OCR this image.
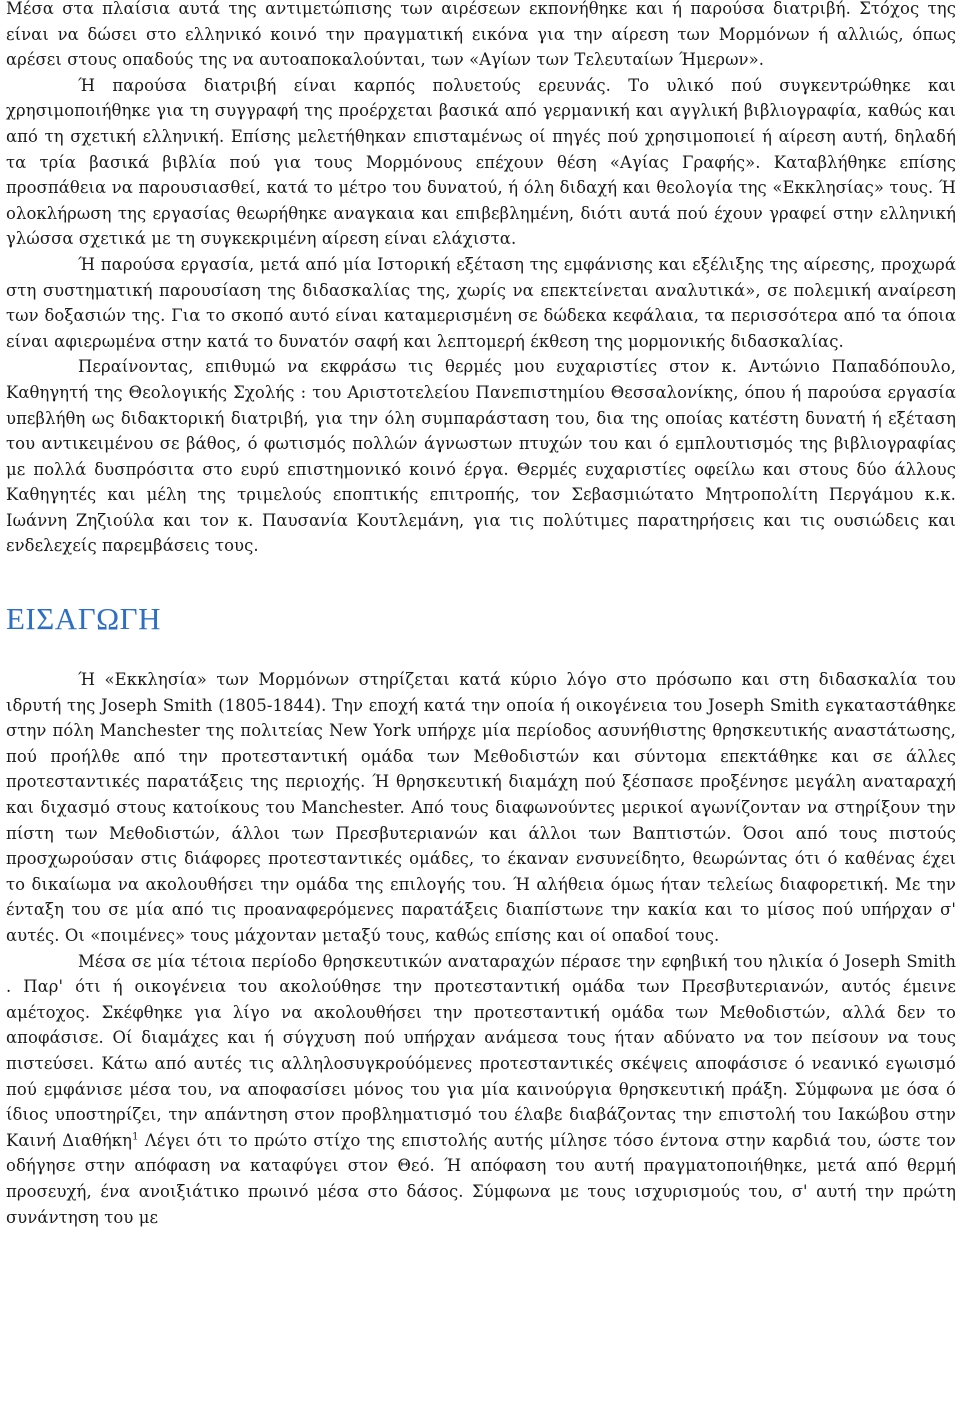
Μέσα στα πλαίσια αυτά της αντιμετώπισης των αιρέσεων εκπονήθηκε και ή παρούσα διατριβή. Στόχος της είναι να δώσει στο ελληνικό κοινό την πραγματική εικόνα για την αίρεση των Μορμόνων ή αλλιώς, όπως αρέσει στους οπαδούς της να αυτοαποκαλούνται, των «Αγίων των Τελευταίων Ήμερων».

Ή παρούσα διατριβή είναι καρπός πολυετούς ερευνάς. Το υλικό πού συγκεντρώθηκε και χρησιμοποιήθηκε για τη συγγραφή της προέρχεται βασικά από γερμανική και αγγλική βιβλιογραφία, καθώς και από τη σχετική ελληνική. Επίσης μελετήθηκαν επισταμένως οί πηγές πού χρησιμοποιεί ή αίρεση αυτή, δηλαδή τα τρία βασικά βιβλία πού για τους Μορμόνους επέχουν θέση «Αγίας Γραφής». Καταβλήθηκε επίσης προσπάθεια να παρουσιασθεί, κατά το μέτρο του δυνατού, ή όλη διδαχή και θεολογία της «Εκκλησίας» τους. Ή ολοκλήρωση της εργασίας θεωρήθηκε αναγκαια και επιβεβλημένη, διότι αυτά πού έχουν γραφεί στην ελληνική γλώσσα σχετικά με τη συγκεκριμένη αίρεση είναι ελάχιστα.

Ή παρούσα εργασία, μετά από μία Ιστορική εξέταση της εμφάνισης και εξέλιξης της αίρεσης, προχωρά στη συστηματική παρουσίαση της διδασκαλίας της, χωρίς να επεκτείνεται αναλυτικά», σε πολεμική αναίρεση των δοξασιών της. Για το σκοπό αυτό είναι καταμερισμένη σε δώδεκα κεφάλαια, τα περισσότερα από τα όποια είναι αφιερωμένα στην κατά το δυνατόν σαφή και λεπτομερή έκθεση της μορμονικής διδασκαλίας.

Περαίνοντας, επιθυμώ να εκφράσω τις θερμές μου ευχαριστίες στον κ. Αντώνιο Παπαδόπουλο, Καθηγητή της Θεολογικής Σχολής : του Αριστοτελείου Πανεπιστημίου Θεσσαλονίκης, όπου ή παρούσα εργασία υπεβλήθη ως διδακτορική διατριβή, για την όλη συμπαράσταση του, δια της οποίας κατέστη δυνατή ή εξέταση του αντικειμένου σε βάθος, ό φωτισμός πολλών άγνωστων πτυχών του και ό εμπλουτισμός της βιβλιογραφίας με πολλά δυσπρόσιτα στο ευρύ επιστημονικό κοινό έργα. Θερμές ευχαριστίες οφείλω και στους δύο άλλους Καθηγητές και μέλη της τριμελούς εποπτικής επιτροπής, τον Σεβασμιώτατο Μητροπολίτη Περγάμου κ.κ. Ιωάννη Ζηζιούλα και τον κ. Παυσανία Κουτλεμάνη, για τις πολύτιμες παρατηρήσεις και τις ουσιώδεις και ενδελεχείς παρεμβάσεις τους.

ΕΙΣΑΓΩΓΗ

Ή «Εκκλησία» των Μορμόνων στηρίζεται κατά κύριο λόγο στο πρόσωπο και στη διδασκαλία του ιδρυτή της Joseph Smith (1805-1844). Την εποχή κατά την οποία ή οικογένεια του Joseph Smith εγκαταστάθηκε στην πόλη Manchester της πολιτείας New York υπήρχε μία περίοδος ασυνήθιστης θρησκευτικής αναστάτωσης, πού προήλθε από την προτεσταντική ομάδα των Μεθοδιστών και σύντομα επεκτάθηκε και σε άλλες προτεσταντικές παρατάξεις της περιοχής. Ή θρησκευτική διαμάχη πού ξέσπασε προξένησε μεγάλη αναταραχή και διχασμό στους κατοίκους του Manchester. Από τους διαφωνούντες μερικοί αγωνίζονταν να στηρίξουν την πίστη των Μεθοδιστών, άλλοι των Πρεσβυτεριανών και άλλοι των Βαπτιστών. Όσοι από τους πιστούς προσχωρούσαν στις διάφορες προτεσταντικές ομάδες, το έκαναν ενσυνείδητο, θεωρώντας ότι ό καθένας έχει το δικαίωμα να ακολουθήσει την ομάδα της επιλογής του. Ή αλήθεια όμως ήταν τελείως διαφορετική. Με την ένταξη του σε μία από τις προαναφερόμενες παρατάξεις διαπίστωνε την κακία και το μίσος πού υπήρχαν σ' αυτές. Οι «ποιμένες» τους μάχονταν μεταξύ τους, καθώς επίσης και οί οπαδοί τους.

Μέσα σε μία τέτοια περίοδο θρησκευτικών αναταραχών πέρασε την εφηβική του ηλικία ό Joseph Smith . Παρ' ότι ή οικογένεια του ακολούθησε την προτεσταντική ομάδα των Πρεσβυτεριανών, αυτός έμεινε αμέτοχος. Σκέφθηκε για λίγο να ακολουθήσει την προτεσταντική ομάδα των Μεθοδιστών, αλλά δεν το αποφάσισε. Οί διαμάχες και ή σύγχυση πού υπήρχαν ανάμεσα τους ήταν αδύνατο να τον πείσουν να τους πιστεύσει. Κάτω από αυτές τις αλληλοσυγκρούόμενες προτεσταντικές σκέψεις αποφάσισε ό νεανικό εγωισμό πού εμφάνισε μέσα του, να αποφασίσει μόνος του για μία καινούργια θρησκευτική πράξη. Σύμφωνα με όσα ό ίδιος υποστηρίζει, την απάντηση στον προβληματισμό του έλαβε διαβάζοντας την επιστολή του Ιακώβου στην Καινή Διαθήκη$^1$ Λέγει ότι το πρώτο στίχο της επιστολής αυτής μίλησε τόσο έντονα στην καρδιά του, ώστε τον οδήγησε στην απόφαση να καταφύγει στον Θεό. Ή απόφαση του αυτή πραγματοποιήθηκε, μετά από θερμή προσευχή, ένα ανοιξιάτικο πρωινό μέσα στο δάσος. Σύμφωνα με τους ισχυρισμούς του, σ' αυτή την πρώτη συνάντηση του με
